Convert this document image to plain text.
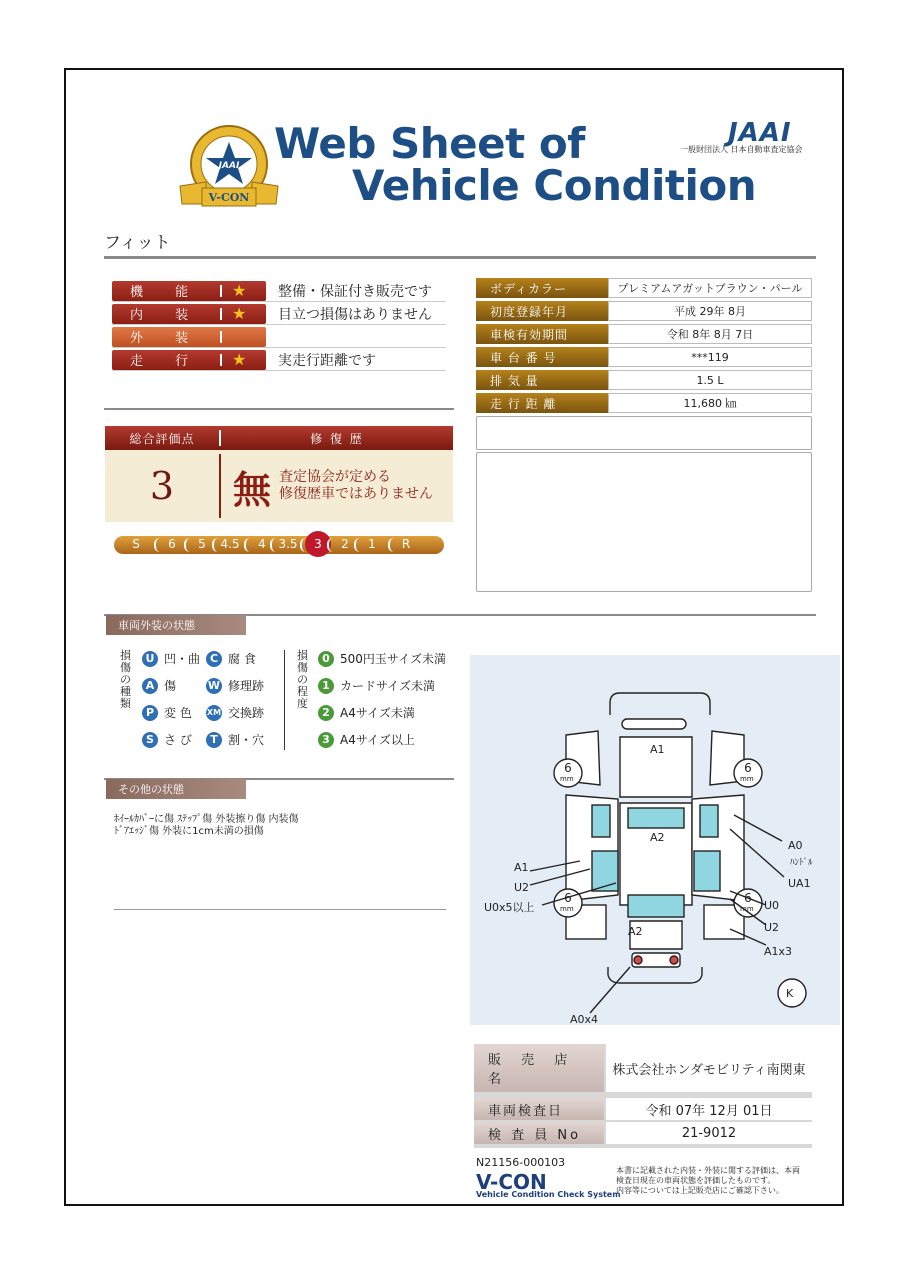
V-CON
JAAI Web Sheet of
Vehicle Condition
JAAI
一般財団法人 日本自動車査定協会
フィット
機 能	★ 整備・保証付き販売です
内 装	★ 目立つ損傷はありません
外 装
走 行	★ 実走行距離です
ボディカラー	プレミアムアガットブラウン・パール
初度登録年月	平成 29年 8月
車検有効期間	令和 8年 8月 7日
車 台 番 号	***119
排 気 量	1.5 L
走 行 距 離	11,680 ㎞
総合評価点	修 復 歴
3	無 査定協会が定める
修復歴車ではありません
S	6	5	4.5	4	3.5	3	2	1	R
車両外装の状態
損傷の種類
U 凹・曲 C 腐 食
A 傷	W 修理跡
P 変 色 XM 交換跡
S さ び	T 割・穴
損傷の程度
0 500円玉サイズ未満
1 カードサイズ未満
2 A4サイズ未満
3 A4サイズ以上
その他の状態
ﾎｲｰﾙｶﾊﾞｰに傷 ｽﾃｯﾌﾟ傷 外装擦り傷 内装傷
ﾄﾞｱｴｯｼﾞ傷 外装に1cm未満の損傷
A1
A2
A2
A0
ﾊﾝﾄﾞﾙ
UA1
A1
U2
U0x5以上	U0
U2
A1x3
A0x4
K
6
mm
6
mm
6
mm
6
mm
販 売 店 名
株式会社ホンダモビリティ南関東
車両検査日	令和 07年 12月 01日
検 査 員 No	21-9012
N21156-000103
V-CON
Vehicle Condition Check System
本書に記載された内装・外装に関する評価は、本両
検査日現在の車両状態を評価したものです。
内容等については上記販売店にご確認下さい。
